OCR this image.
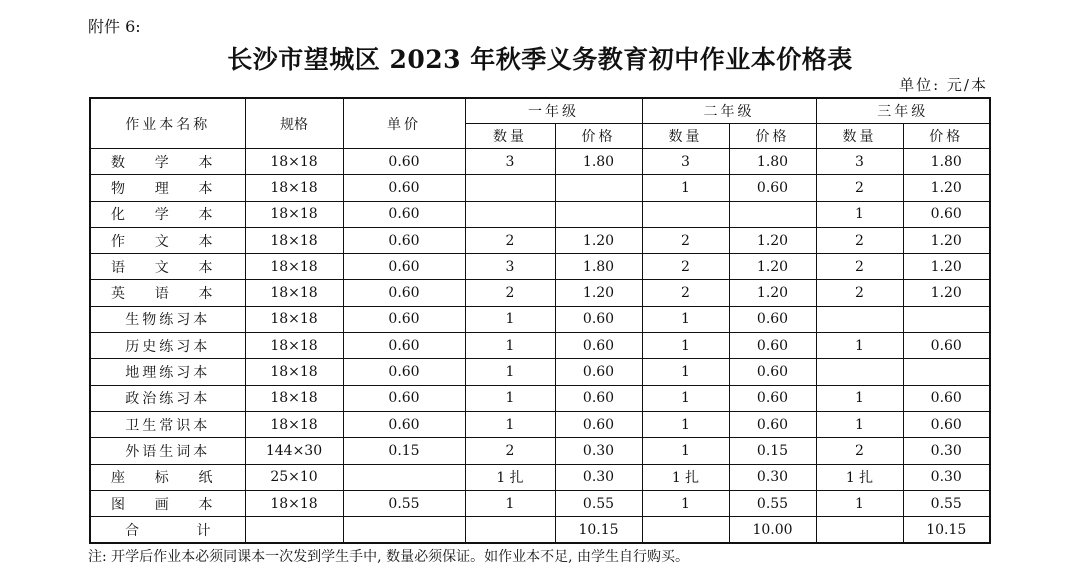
附件 6:
长沙市望城区 2023 年秋季义务教育初中作业本价格表
单位: 元/本
作业本名称	规格	单价	一年级		二年级		三年级	
			数量	价格	数量	价格	数量	价格

数学本	18×18	0.60	3	1.80	3	1.80	3	1.80

物理本	18×18	0.60			1	0.60	2	1.20

化学本	18×18	0.60					1	0.60

作文本	18×18	0.60	2	1.20	2	1.20	2	1.20

语文本	18×18	0.60	3	1.80	2	1.20	2	1.20

英语本	18×18	0.60	2	1.20	2	1.20	2	1.20

生物练习本	18×18	0.60	1	0.60	1	0.60		

历史练习本	18×18	0.60	1	0.60	1	0.60	1	0.60

地理练习本	18×18	0.60	1	0.60	1	0.60		

政治练习本	18×18	0.60	1	0.60	1	0.60	1	0.60

卫生常识本	18×18	0.60	1	0.60	1	0.60	1	0.60

外语生词本	144×30	0.15	2	0.30	1	0.15	2	0.30

座标纸	25×10		1 扎	0.30	1 扎	0.30	1 扎	0.30

图画本	18×18	0.55	1	0.55	1	0.55	1	0.55

合计				10.15		10.00		10.15
注: 开学后作业本必须同课本一次发到学生手中, 数量必须保证。如作业本不足, 由学生自行购买。
